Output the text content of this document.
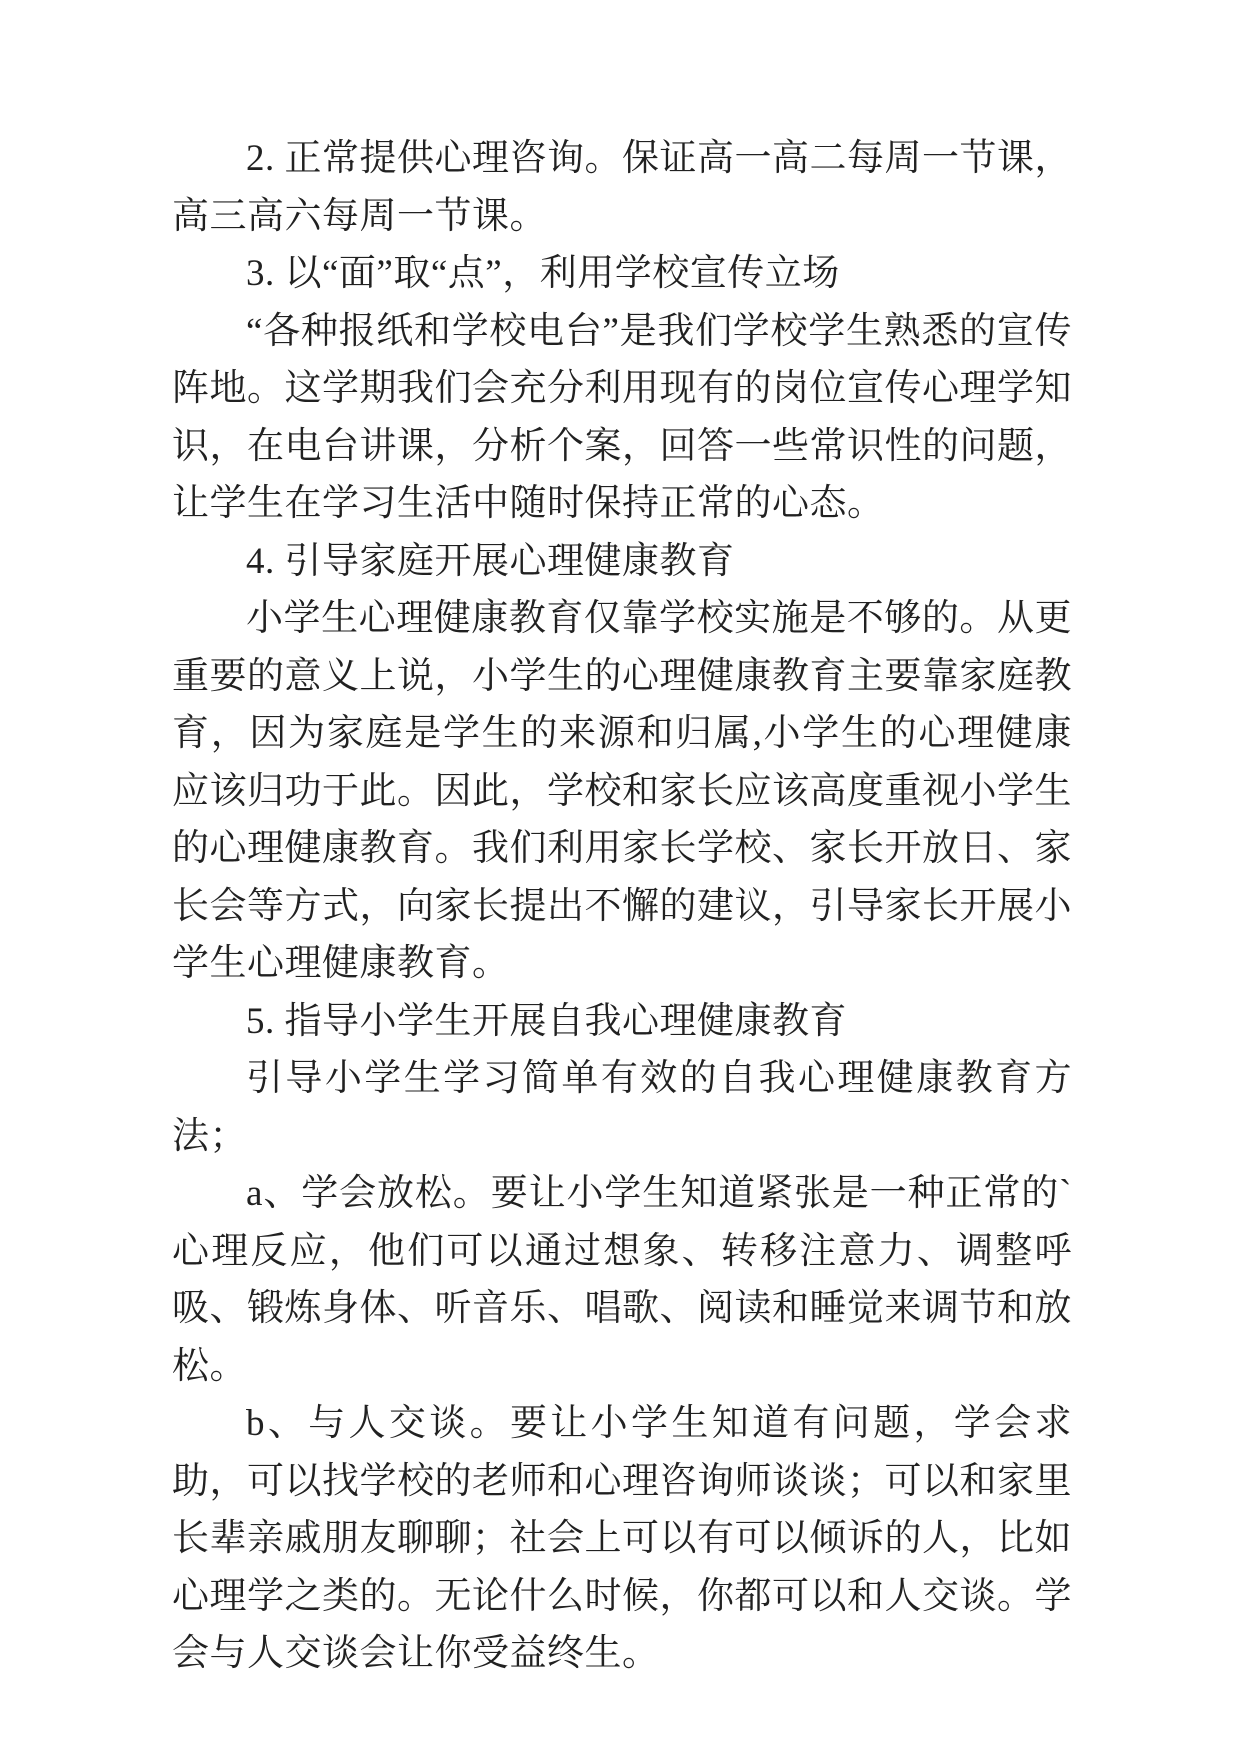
2. 正常提供心理咨询。保证高一高二每周一节课，高三高六每周一节课。

3. 以“面”取“点”，利用学校宣传立场

“各种报纸和学校电台”是我们学校学生熟悉的宣传阵地。这学期我们会充分利用现有的岗位宣传心理学知识，在电台讲课，分析个案，回答一些常识性的问题，让学生在学习生活中随时保持正常的心态。

4. 引导家庭开展心理健康教育

小学生心理健康教育仅靠学校实施是不够的。从更重要的意义上说，小学生的心理健康教育主要靠家庭教育，因为家庭是学生的来源和归属,小学生的心理健康应该归功于此。因此，学校和家长应该高度重视小学生的心理健康教育。我们利用家长学校、家长开放日、家长会等方式，向家长提出不懈的建议，引导家长开展小学生心理健康教育。

5. 指导小学生开展自我心理健康教育

引导小学生学习简单有效的自我心理健康教育方法；

a、学会放松。要让小学生知道紧张是一种正常的`心理反应，他们可以通过想象、转移注意力、调整呼吸、锻炼身体、听音乐、唱歌、阅读和睡觉来调节和放松。

b、与人交谈。要让小学生知道有问题，学会求助，可以找学校的老师和心理咨询师谈谈；可以和家里长辈亲戚朋友聊聊；社会上可以有可以倾诉的人，比如心理学之类的。无论什么时候，你都可以和人交谈。学会与人交谈会让你受益终生。
